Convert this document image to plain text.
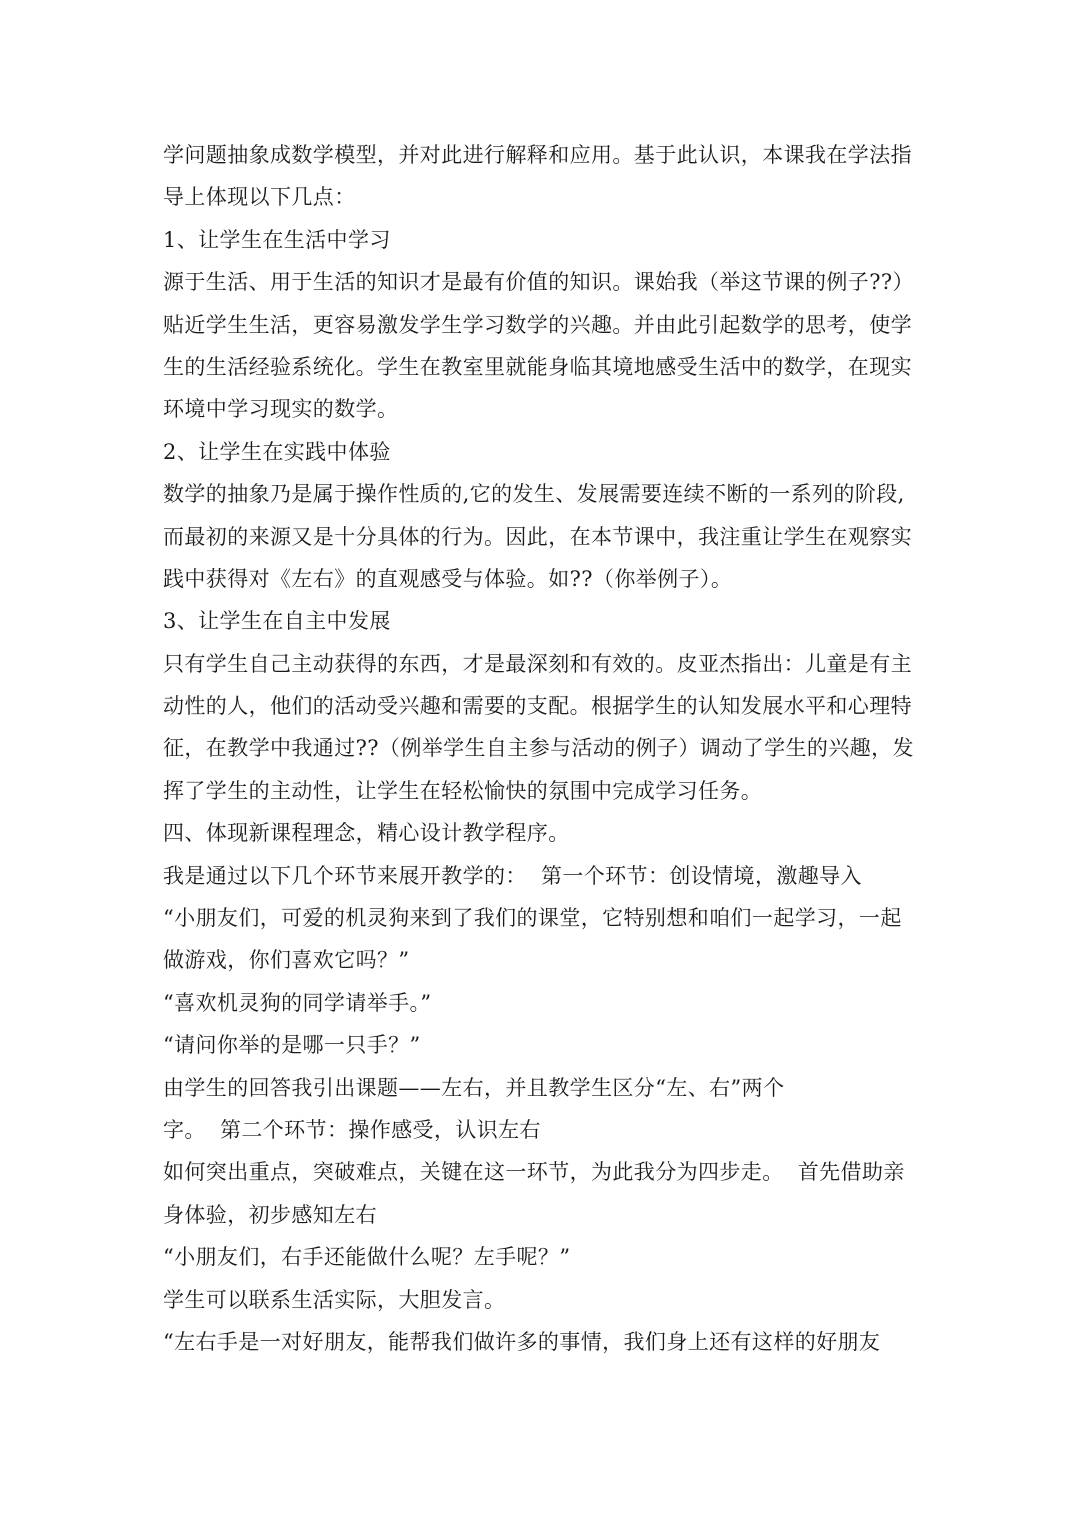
学问题抽象成数学模型，并对此进行解释和应用。基于此认识，本课我在学法指
导上体现以下几点：
1、让学生在生活中学习
源于生活、用于生活的知识才是最有价值的知识。课始我（举这节课的例子??）
贴近学生生活，更容易激发学生学习数学的兴趣。并由此引起数学的思考，使学
生的生活经验系统化。学生在教室里就能身临其境地感受生活中的数学，在现实
环境中学习现实的数学。
2、让学生在实践中体验
数学的抽象乃是属于操作性质的,它的发生、发展需要连续不断的一系列的阶段,
而最初的来源又是十分具体的行为。因此，在本节课中，我注重让学生在观察实
践中获得对《左右》的直观感受与体验。如??（你举例子）。
3、让学生在自主中发展
只有学生自己主动获得的东西，才是最深刻和有效的。皮亚杰指出：儿童是有主
动性的人，他们的活动受兴趣和需要的支配。根据学生的认知发展水平和心理特
征，在教学中我通过??（例举学生自主参与活动的例子）调动了学生的兴趣，发
挥了学生的主动性，让学生在轻松愉快的氛围中完成学习任务。
四、体现新课程理念，精心设计教学程序。
我是通过以下几个环节来展开教学的：  第一个环节：创设情境，激趣导入
“小朋友们，可爱的机灵狗来到了我们的课堂，它特别想和咱们一起学习，一起
做游戏，你们喜欢它吗？”
“喜欢机灵狗的同学请举手。”
“请问你举的是哪一只手？”
由学生的回答我引出课题——左右，并且教学生区分“左、右”两个
字。  第二个环节：操作感受，认识左右
如何突出重点，突破难点，关键在这一环节，为此我分为四步走。  首先借助亲
身体验，初步感知左右
“小朋友们，右手还能做什么呢？左手呢？”
学生可以联系生活实际，大胆发言。
“左右手是一对好朋友，能帮我们做许多的事情，我们身上还有这样的好朋友
